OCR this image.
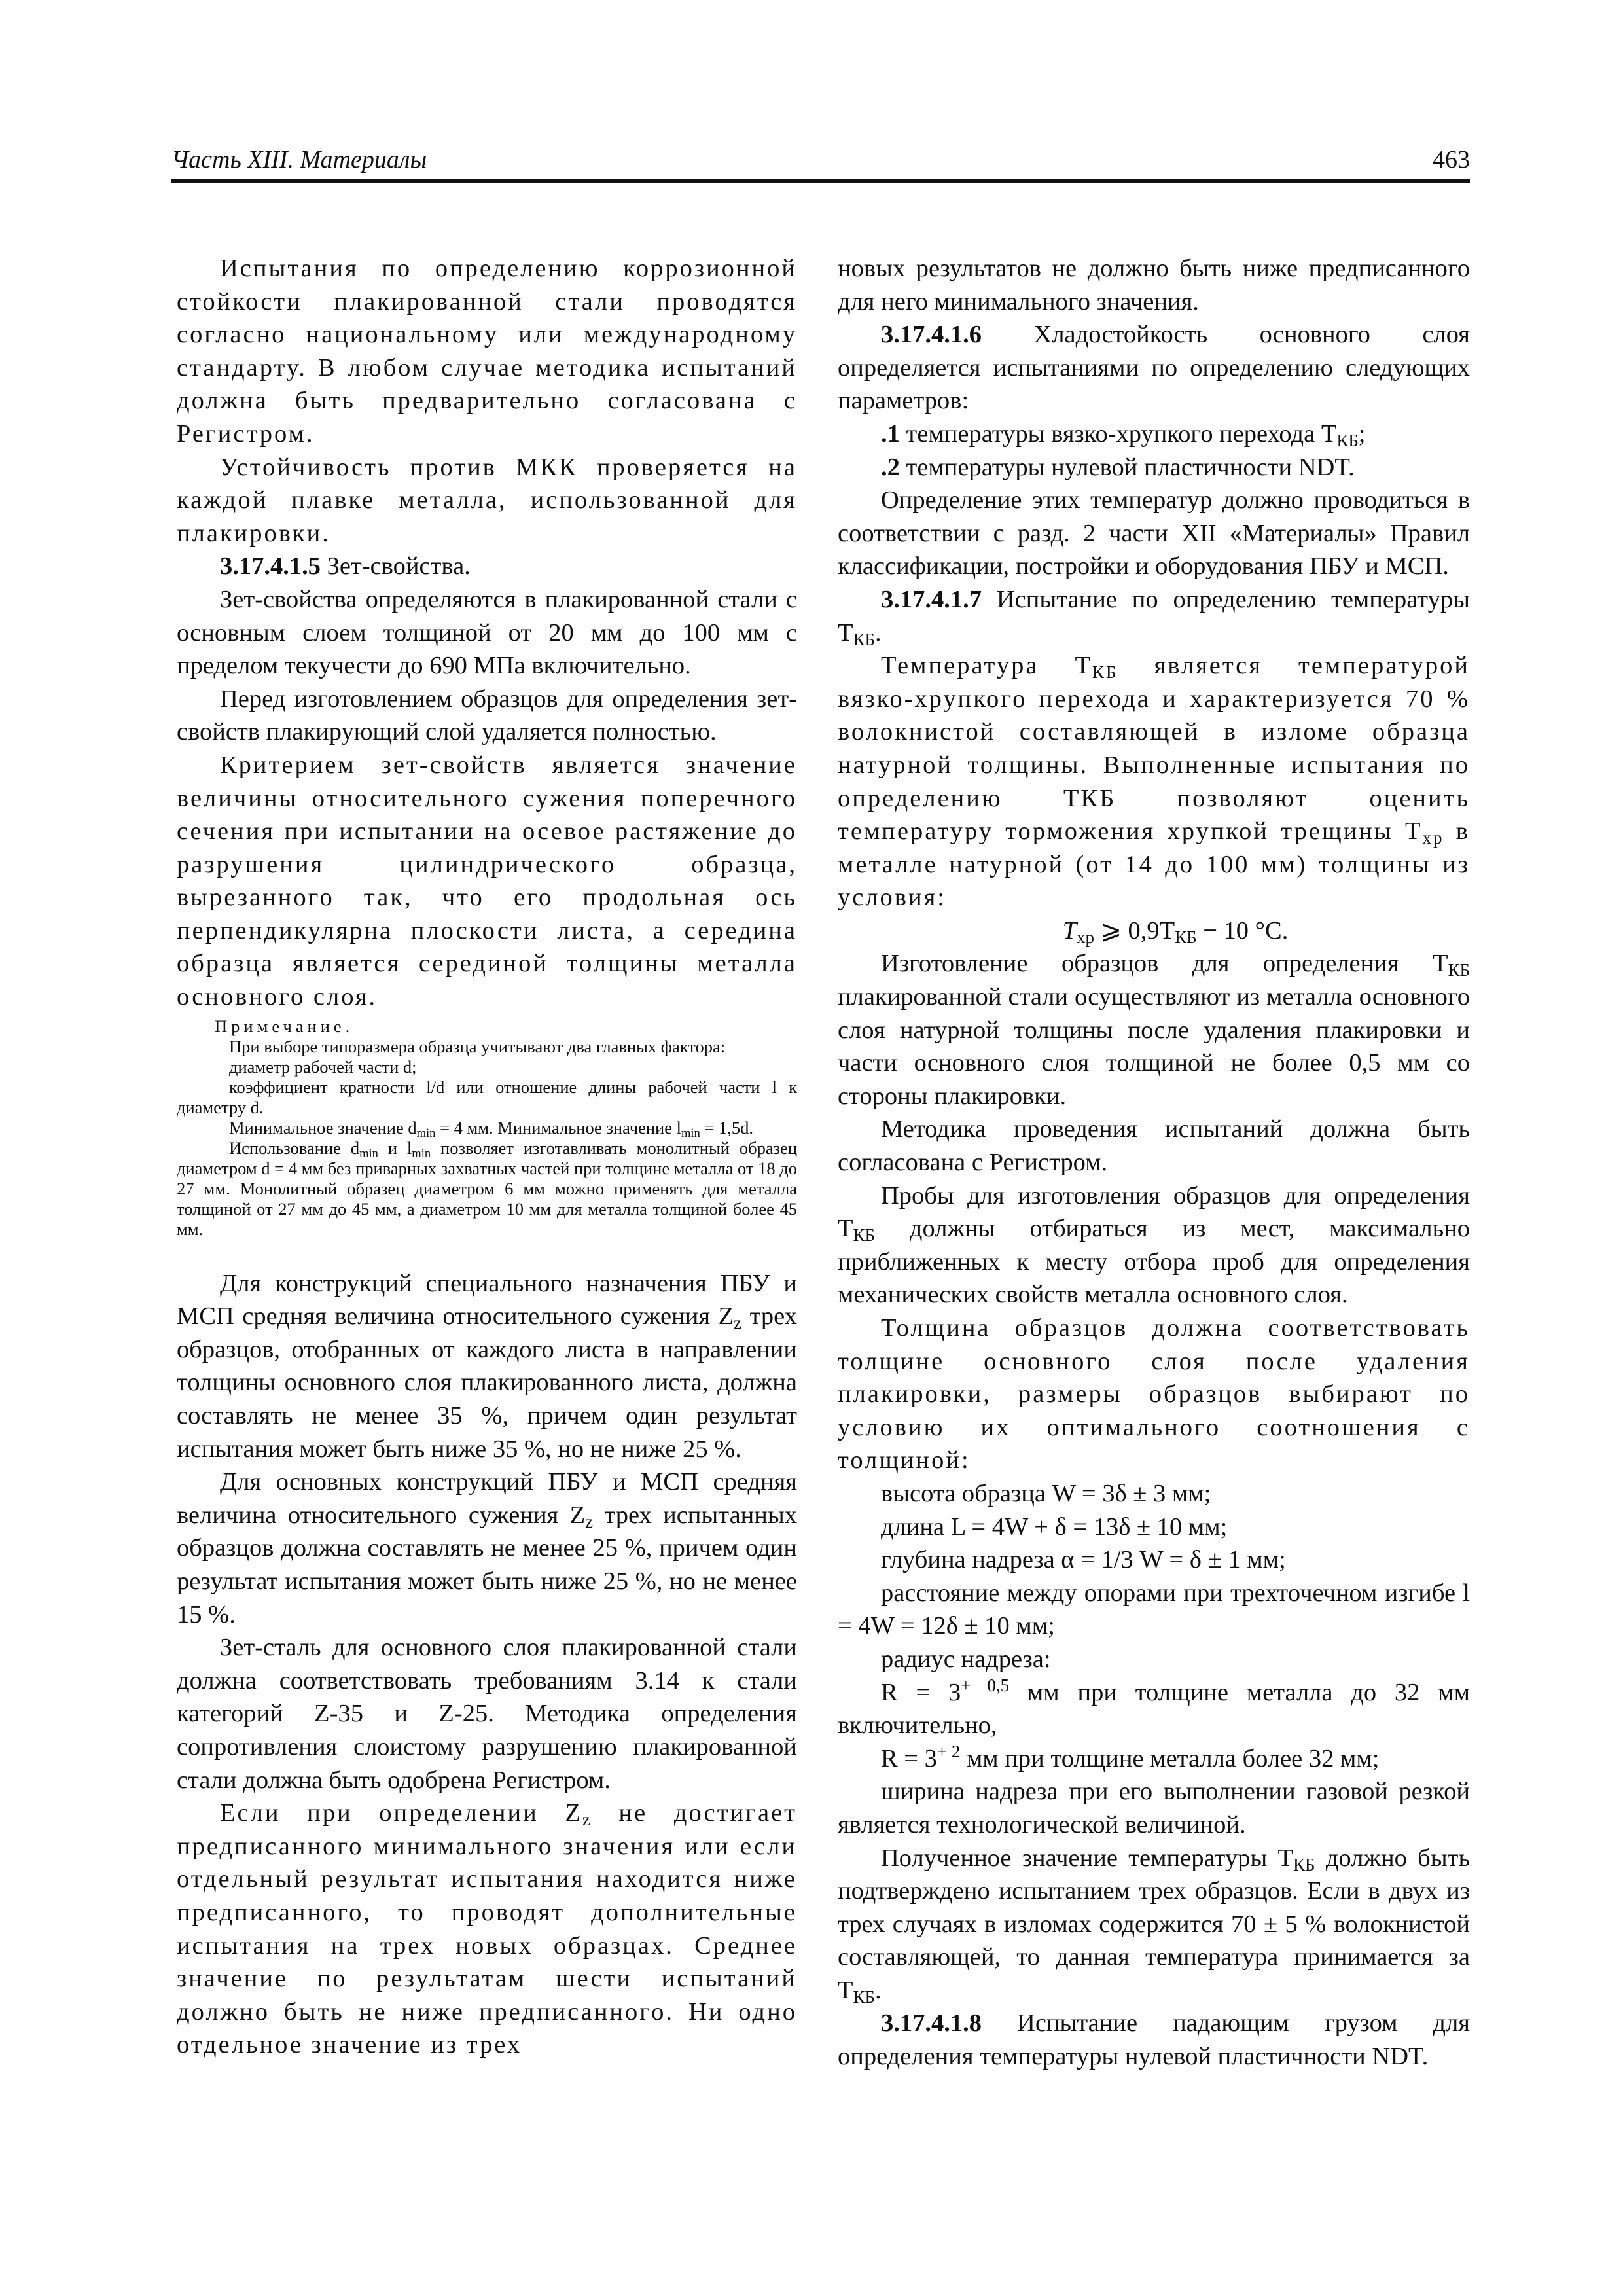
Часть XIII. Материалы	463

Испытания по определению коррозионной стойкости плакированной стали проводятся согласно национальному или международному стандарту. В любом случае методика испытаний должна быть предварительно согласована с Регистром.

Устойчивость против МКК проверяется на каждой плавке металла, использованной для плакировки.

3.17.4.1.5 Зет-свойства.

Зет-свойства определяются в плакированной стали с основным слоем толщиной от 20 мм до 100 мм с пределом текучести до 690 МПа включительно.

Перед изготовлением образцов для определения зет-свойств плакирующий слой удаляется полностью.

Критерием зет-свойств является значение величины относительного сужения поперечного сечения при испытании на осевое растяжение до разрушения цилиндрического образца, вырезанного так, что его продольная ось перпендикулярна плоскости листа, а середина образца является серединой толщины металла основного слоя.

Примечание.

При выборе типоразмера образца учитывают два главных фактора:

диаметр рабочей части d;

коэффициент кратности l/d или отношение длины рабочей части l к диаметру d.

Минимальное значение $d_{min} = 4$ мм. Минимальное значение $l_{min} = 1,5d$.

Использование $d_{min}$ и $l_{min}$ позволяет изготавливать монолитный образец диаметром d = 4 мм без приварных захватных частей при толщине металла от 18 до 27 мм. Монолитный образец диаметром 6 мм можно применять для металла толщиной от 27 мм до 45 мм, а диаметром 10 мм для металла толщиной более 45 мм.

Для конструкций специального назначения ПБУ и МСП средняя величина относительного сужения $Z_z$ трех образцов, отобранных от каждого листа в направлении толщины основного слоя плакированного листа, должна составлять не менее 35 %, причем один результат испытания может быть ниже 35 %, но не ниже 25 %.

Для основных конструкций ПБУ и МСП средняя величина относительного сужения $Z_z$ трех испытанных образцов должна составлять не менее 25 %, причем один результат испытания может быть ниже 25 %, но не менее 15 %.

Зет-сталь для основного слоя плакированной стали должна соответствовать требованиям 3.14 к стали категорий Z-35 и Z-25. Методика определения сопротивления слоистому разрушению плакированной стали должна быть одобрена Регистром.

Если при определении $Z_z$ не достигает предписанного минимального значения или если отдельный результат испытания находится ниже предписанного, то проводят дополнительные испытания на трех новых образцах. Среднее значение по результатам шести испытаний должно быть не ниже предписанного. Ни одно отдельное значение из трех

новых результатов не должно быть ниже предписанного для него минимального значения.

3.17.4.1.6 Хладостойкость основного слоя определяется испытаниями по определению следующих параметров:

.1 температуры вязко-хрупкого перехода $T_{КБ}$;

.2 температуры нулевой пластичности NDT.

Определение этих температур должно проводиться в соответствии с разд. 2 части XII «Материалы» Правил классификации, постройки и оборудования ПБУ и МСП.

3.17.4.1.7 Испытание по определению температуры $T_{КБ}$.

Температура $T_{КБ}$ является температурой вязко-хрупкого перехода и характеризуется 70 % волокнистой составляющей в изломе образца натурной толщины. Выполненные испытания по определению ТКБ позволяют оценить температуру торможения хрупкой трещины $T_{хр}$ в металле натурной (от 14 до 100 мм) толщины из условия:

$T_{хр}$ ⩾ $0,9T_{КБ} - 10$ °C.

Изготовление образцов для определения $T_{КБ}$ плакированной стали осуществляют из металла основного слоя натурной толщины после удаления плакировки и части основного слоя толщиной не более 0,5 мм со стороны плакировки.

Методика проведения испытаний должна быть согласована с Регистром.

Пробы для изготовления образцов для определения $T_{КБ}$ должны отбираться из мест, максимально приближенных к месту отбора проб для определения механических свойств металла основного слоя.

Толщина образцов должна соответствовать толщине основного слоя после удаления плакировки, размеры образцов выбирают по условию их оптимального соотношения с толщиной:

высота образца W = 3δ ± 3 мм;

длина L = 4W + δ = 13δ ± 10 мм;

глубина надреза α = 1/3 W = δ ± 1 мм;

расстояние между опорами при трехточечном изгибе l = 4W = 12δ ± 10 мм;

радиус надреза:

$R = 3^{+ 0,5}$ мм при толщине металла до 32 мм включительно,

$R = 3^{+ 2}$ мм при толщине металла более 32 мм;

ширина надреза при его выполнении газовой резкой является технологической величиной.

Полученное значение температуры $T_{КБ}$ должно быть подтверждено испытанием трех образцов. Если в двух из трех случаях в изломах содержится 70 ± 5 % волокнистой составляющей, то данная температура принимается за $T_{КБ}$.

3.17.4.1.8 Испытание падающим грузом для определения температуры нулевой пластичности NDT.
